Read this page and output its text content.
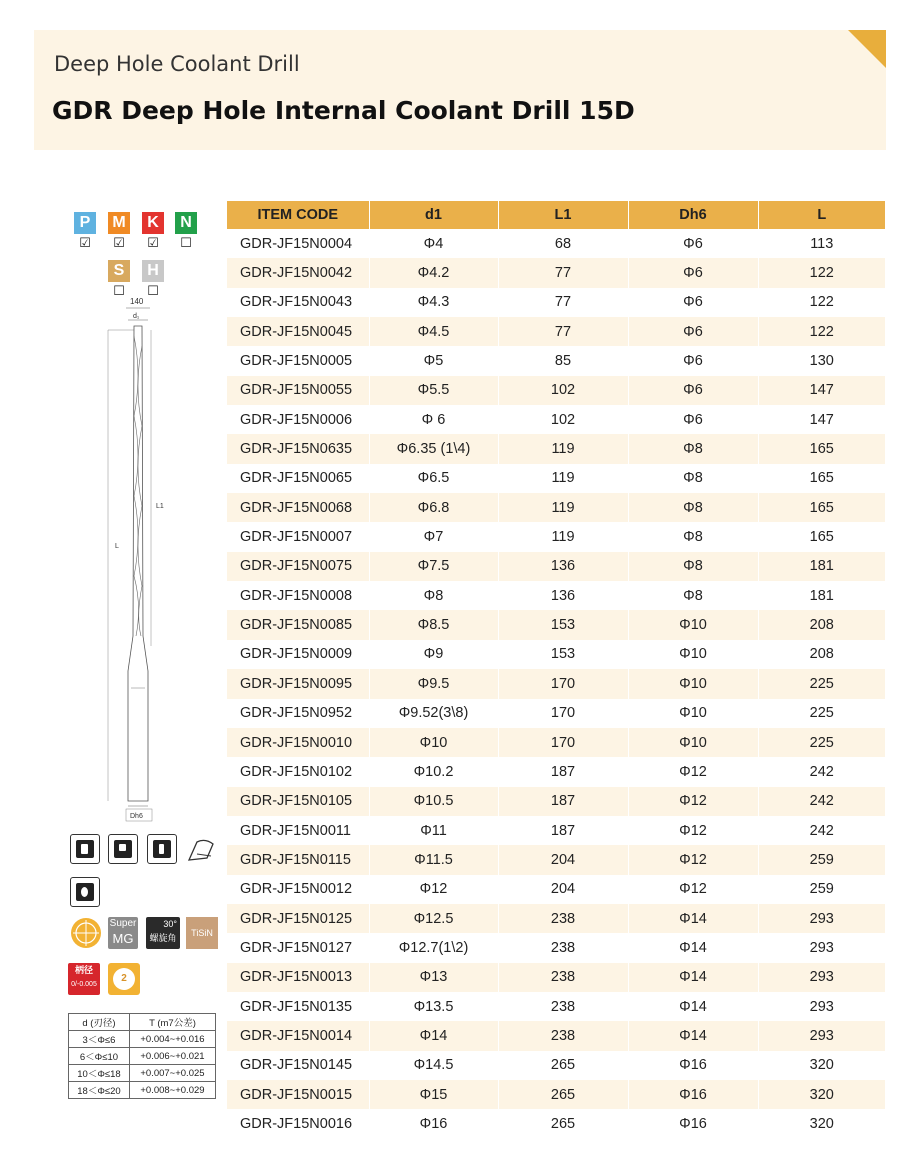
Deep Hole Coolant Drill
GDR Deep Hole Internal Coolant Drill 15D
P
☑
M
☑
K
☑
N
☐
S
☐
H
☐
140
d₁
L1
L
Dh6
Super
MG
30°
螺旋角	TiSiN
柄径
0/-0.005
2
d (刃径)	T (m7公差)
3＜Φ≤6	+0.004~+0.016
6＜Φ≤10	+0.006~+0.021
10＜Φ≤18	+0.007~+0.025
18＜Φ≤20	+0.008~+0.029
ITEM CODE	d1	L1	Dh6	L
GDR-JF15N0004	Φ4	68	Φ6	113
GDR-JF15N0042	Φ4.2	77	Φ6	122
GDR-JF15N0043	Φ4.3	77	Φ6	122
GDR-JF15N0045	Φ4.5	77	Φ6	122
GDR-JF15N0005	Φ5	85	Φ6	130
GDR-JF15N0055	Φ5.5	102	Φ6	147
GDR-JF15N0006	Φ 6	102	Φ6	147
GDR-JF15N0635	Φ6.35 (1\4)	119	Φ8	165
GDR-JF15N0065	Φ6.5	119	Φ8	165
GDR-JF15N0068	Φ6.8	119	Φ8	165
GDR-JF15N0007	Φ7	119	Φ8	165
GDR-JF15N0075	Φ7.5	136	Φ8	181
GDR-JF15N0008	Φ8	136	Φ8	181
GDR-JF15N0085	Φ8.5	153	Φ10	208
GDR-JF15N0009	Φ9	153	Φ10	208
GDR-JF15N0095	Φ9.5	170	Φ10	225
GDR-JF15N0952	Φ9.52(3\8)	170	Φ10	225
GDR-JF15N0010	Φ10	170	Φ10	225
GDR-JF15N0102	Φ10.2	187	Φ12	242
GDR-JF15N0105	Φ10.5	187	Φ12	242
GDR-JF15N0011	Φ11	187	Φ12	242
GDR-JF15N0115	Φ11.5	204	Φ12	259
GDR-JF15N0012	Φ12	204	Φ12	259
GDR-JF15N0125	Φ12.5	238	Φ14	293
GDR-JF15N0127	Φ12.7(1\2)	238	Φ14	293
GDR-JF15N0013	Φ13	238	Φ14	293
GDR-JF15N0135	Φ13.5	238	Φ14	293
GDR-JF15N0014	Φ14	238	Φ14	293
GDR-JF15N0145	Φ14.5	265	Φ16	320
GDR-JF15N0015	Φ15	265	Φ16	320
GDR-JF15N0016	Φ16	265	Φ16	320
